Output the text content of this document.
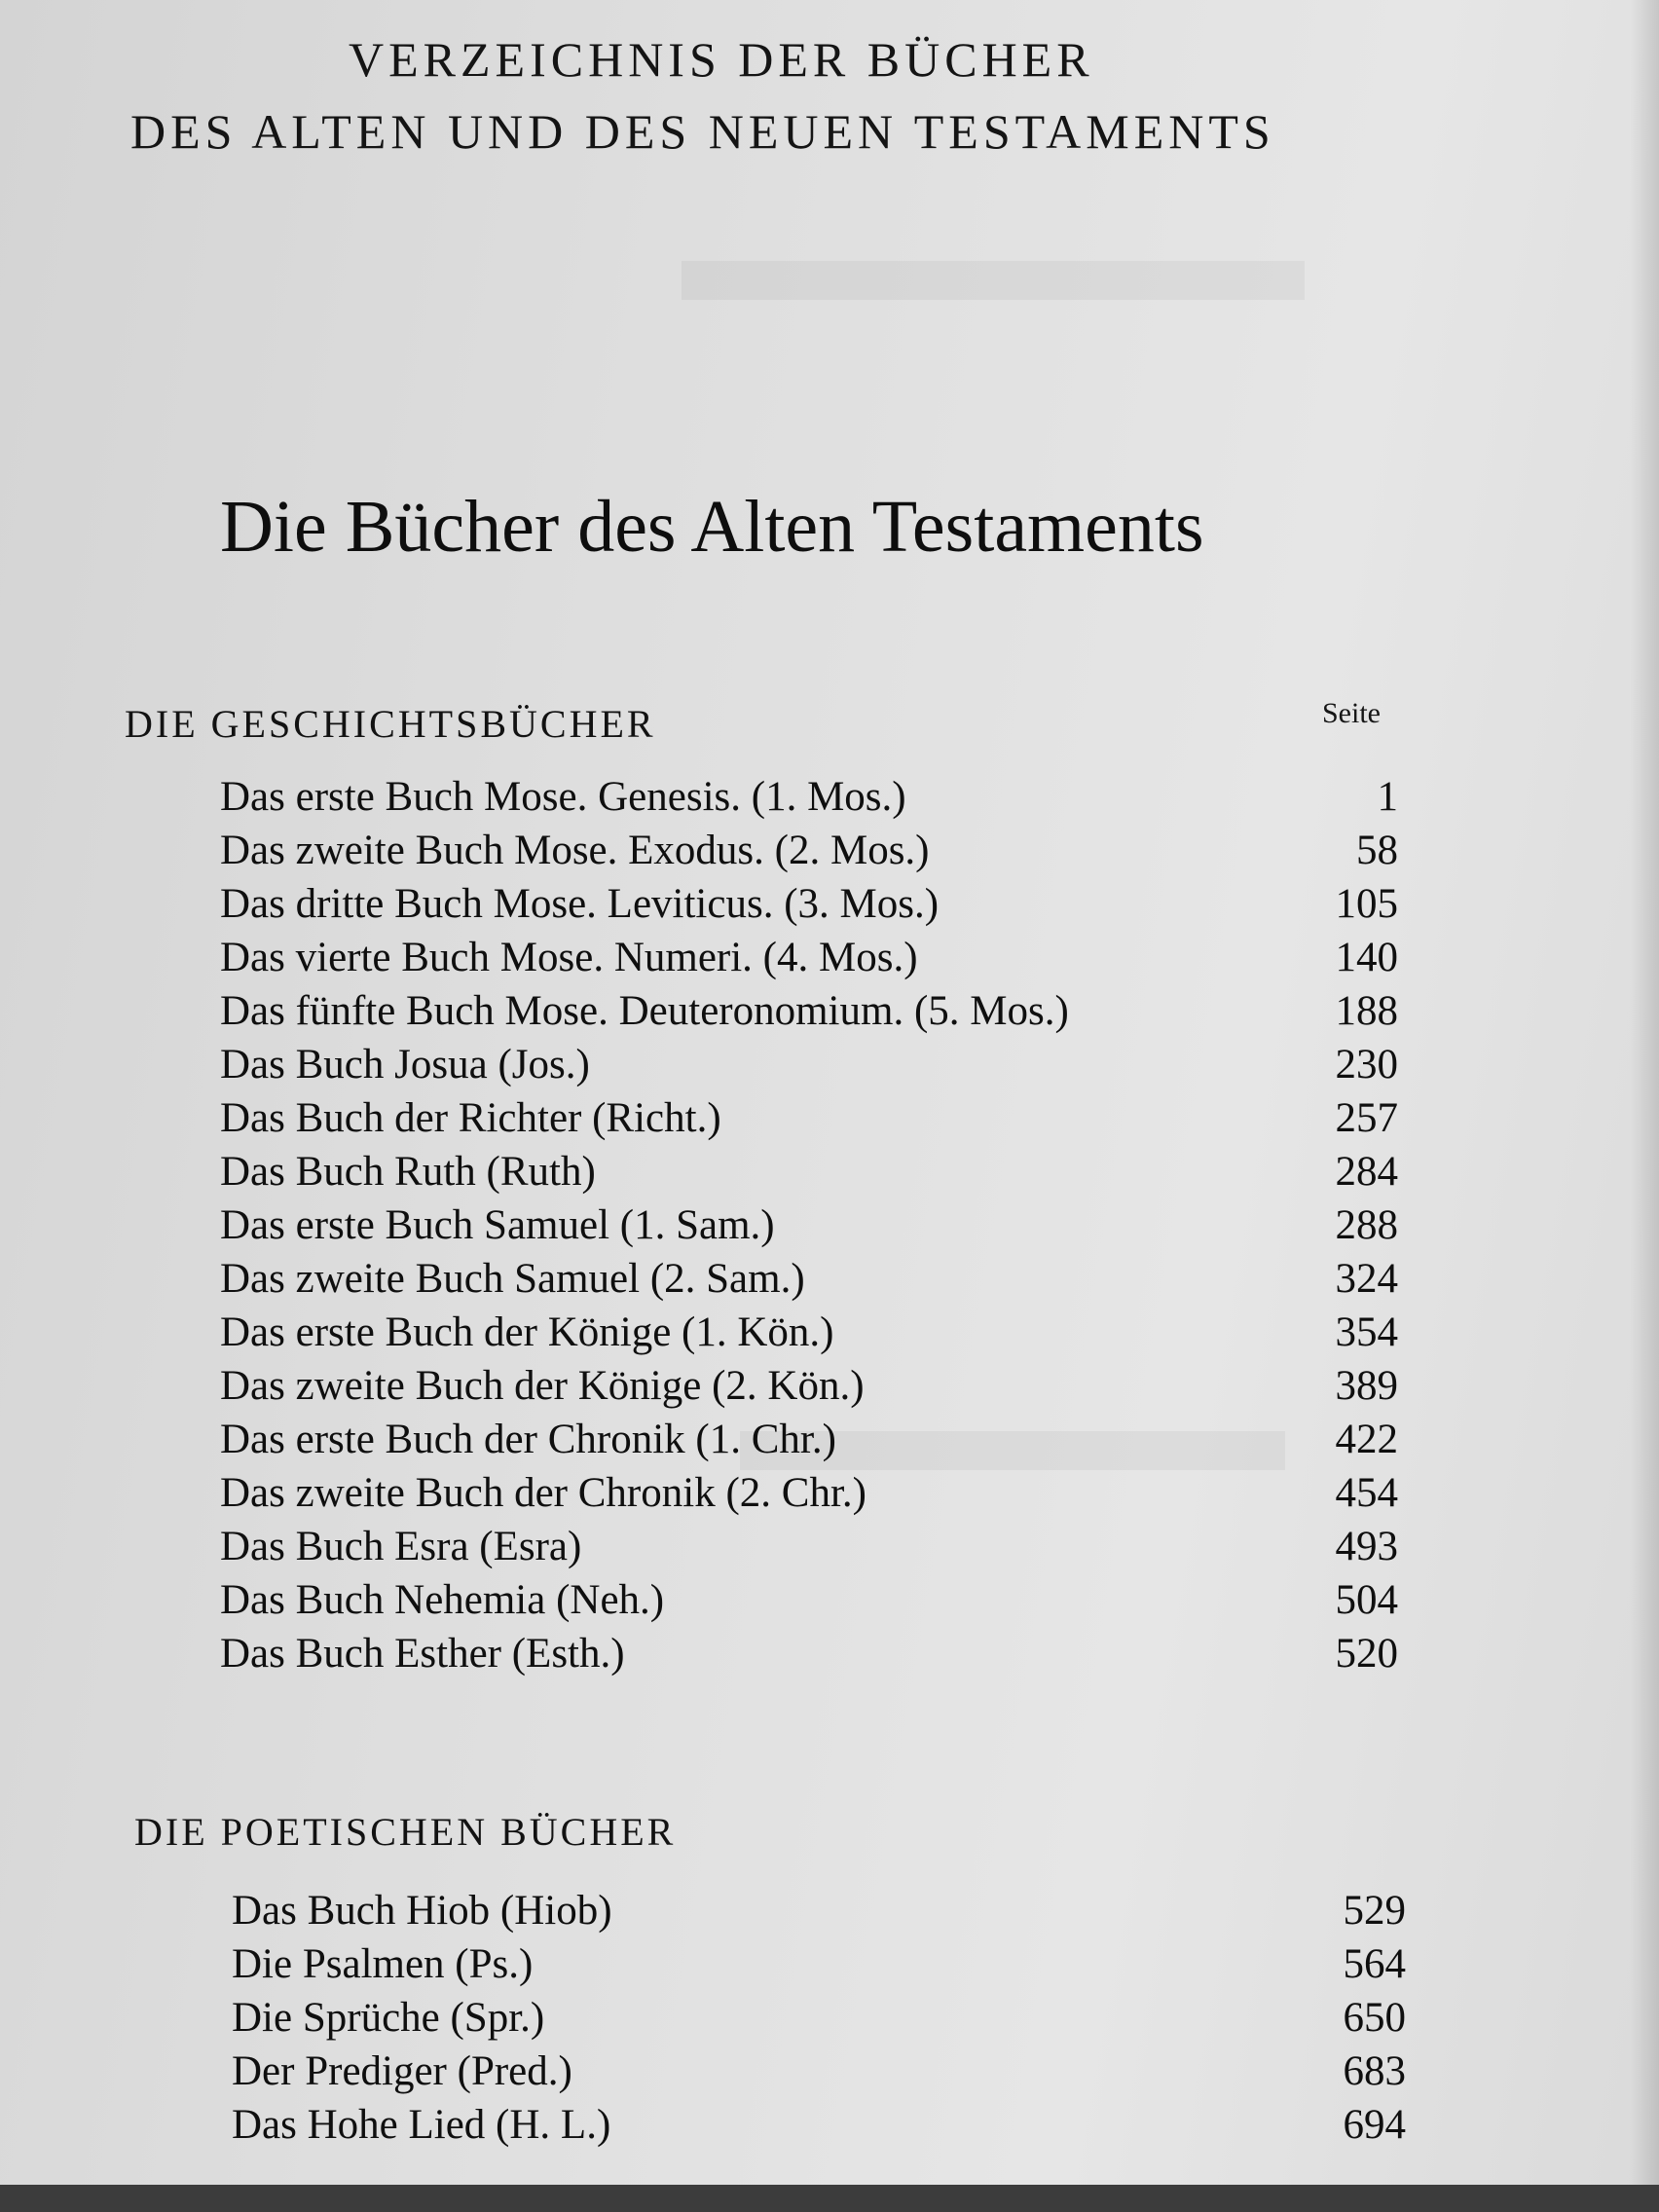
VERZEICHNIS DER BÜCHER
DES ALTEN UND DES NEUEN TESTAMENTS
Die Bücher des Alten Testaments
DIE GESCHICHTSBÜCHER	Seite
Das erste Buch Mose. Genesis. (1. Mos.)	1
Das zweite Buch Mose. Exodus. (2. Mos.)	58
Das dritte Buch Mose. Leviticus. (3. Mos.)	105
Das vierte Buch Mose. Numeri. (4. Mos.)	140
Das fünfte Buch Mose. Deuteronomium. (5. Mos.)	188
Das Buch Josua (Jos.)	230
Das Buch der Richter (Richt.)	257
Das Buch Ruth (Ruth)	284
Das erste Buch Samuel (1. Sam.)	288
Das zweite Buch Samuel (2. Sam.)	324
Das erste Buch der Könige (1. Kön.)	354
Das zweite Buch der Könige (2. Kön.)	389
Das erste Buch der Chronik (1. Chr.)	422
Das zweite Buch der Chronik (2. Chr.)	454
Das Buch Esra (Esra)	493
Das Buch Nehemia (Neh.)	504
Das Buch Esther (Esth.)	520
DIE POETISCHEN BÜCHER
Das Buch Hiob (Hiob)	529
Die Psalmen (Ps.)	564
Die Sprüche (Spr.)	650
Der Prediger (Pred.)	683
Das Hohe Lied (H. L.)	694
